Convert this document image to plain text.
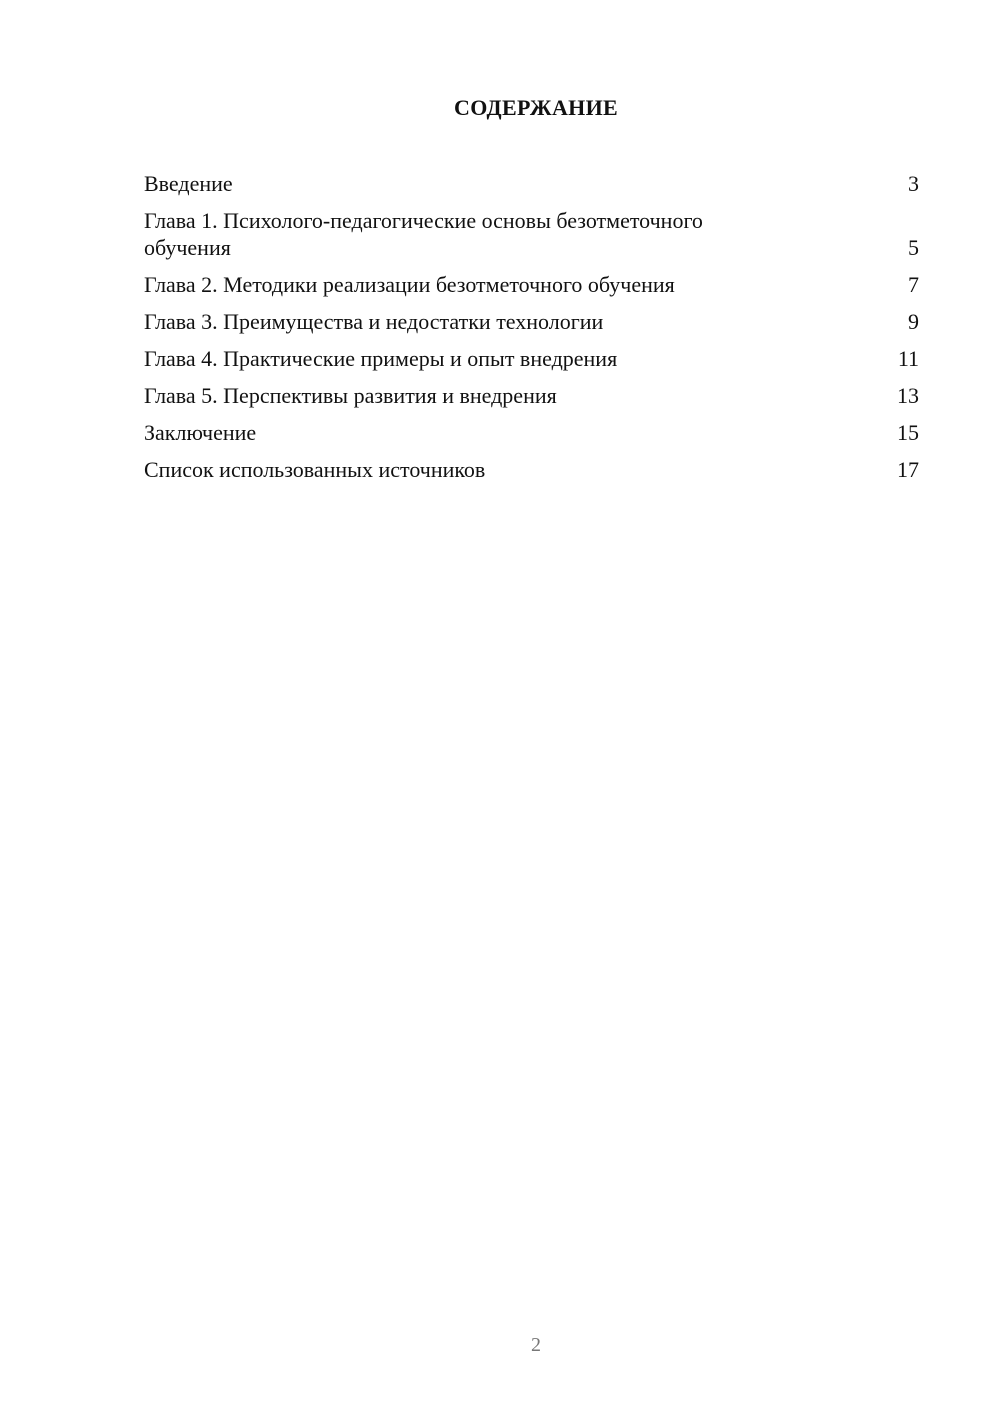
СОДЕРЖАНИЕ
Введение	3
Глава 1. Психолого-педагогические основы безотметочного обучения	5
Глава 2. Методики реализации безотметочного обучения	7
Глава 3. Преимущества и недостатки технологии	9
Глава 4. Практические примеры и опыт внедрения	11
Глава 5. Перспективы развития и внедрения	13
Заключение	15
Список использованных источников	17
2
